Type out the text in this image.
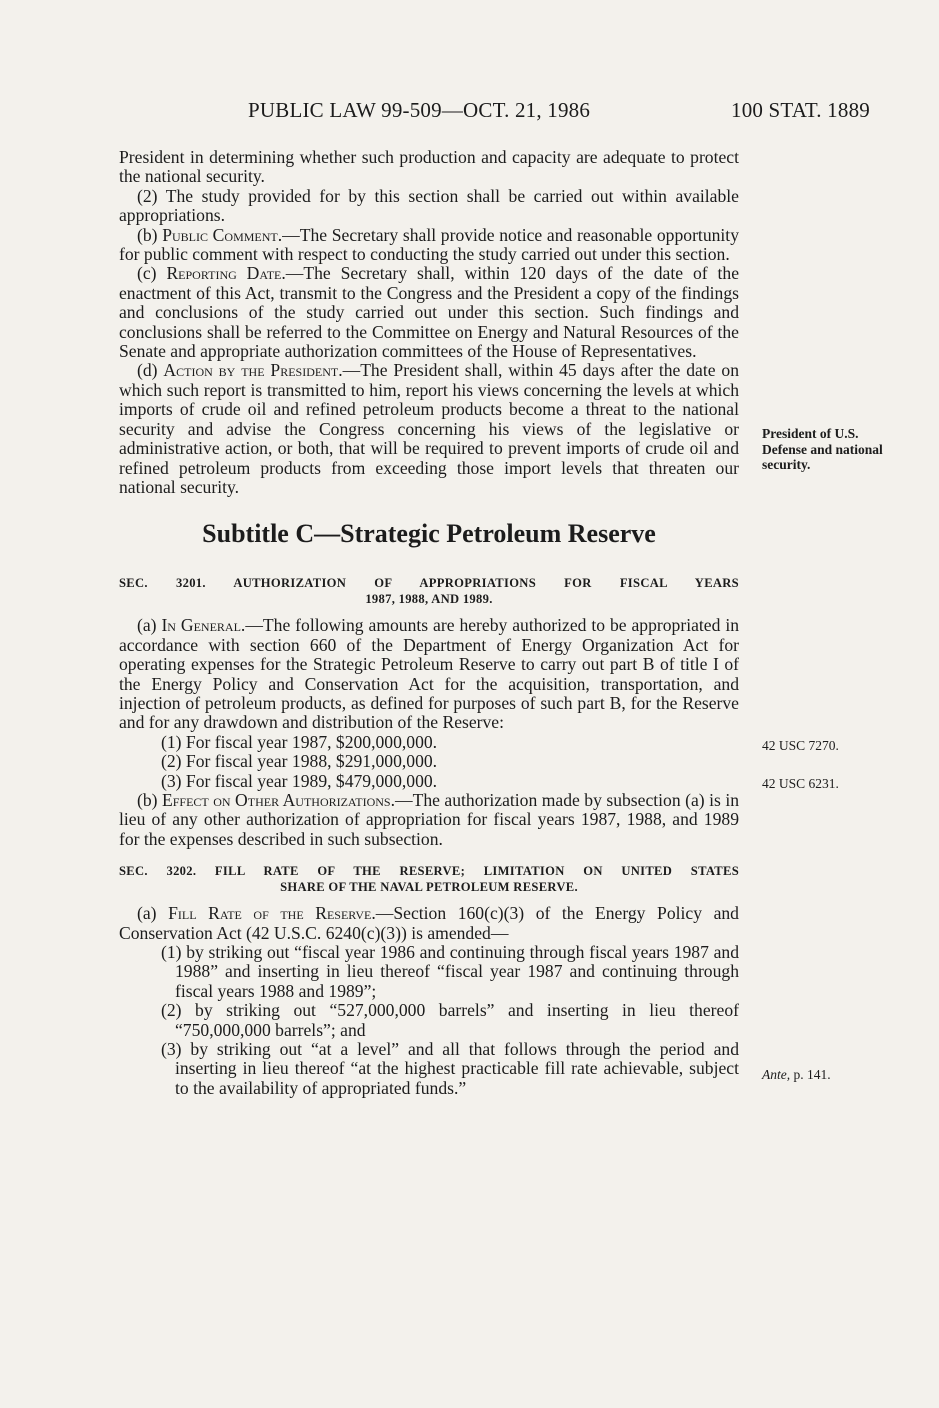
PUBLIC LAW 99-509—OCT. 21, 1986	100 STAT. 1889

President in determining whether such production and capacity are adequate to protect the national security.

(2) The study provided for by this section shall be carried out within available appropriations.

(b) Public Comment.—The Secretary shall provide notice and reasonable opportunity for public comment with respect to conducting the study carried out under this section.

(c) Reporting Date.—The Secretary shall, within 120 days of the date of the enactment of this Act, transmit to the Congress and the President a copy of the findings and conclusions of the study carried out under this section. Such findings and conclusions shall be referred to the Committee on Energy and Natural Resources of the Senate and appropriate authorization committees of the House of Representatives.

(d) Action by the President.—The President shall, within 45 days after the date on which such report is transmitted to him, report his views concerning the levels at which imports of crude oil and refined petroleum products become a threat to the national security and advise the Congress concerning his views of the legislative or administrative action, or both, that will be required to prevent imports of crude oil and refined petroleum products from exceeding those import levels that threaten our national security.

Subtitle C—Strategic Petroleum Reserve
SEC. 3201. AUTHORIZATION OF APPROPRIATIONS FOR FISCAL YEARS
1987, 1988, AND 1989.

(a) In General.—The following amounts are hereby authorized to be appropriated in accordance with section 660 of the Department of Energy Organization Act for operating expenses for the Strategic Petroleum Reserve to carry out part B of title I of the Energy Policy and Conservation Act for the acquisition, transportation, and injection of petroleum products, as defined for purposes of such part B, for the Reserve and for any drawdown and distribution of the Reserve:

(1) For fiscal year 1987, $200,000,000.

(2) For fiscal year 1988, $291,000,000.

(3) For fiscal year 1989, $479,000,000.

(b) Effect on Other Authorizations.—The authorization made by subsection (a) is in lieu of any other authorization of appropriation for fiscal years 1987, 1988, and 1989 for the expenses described in such subsection.

SEC. 3202. FILL RATE OF THE RESERVE; LIMITATION ON UNITED STATES
SHARE OF THE NAVAL PETROLEUM RESERVE.

(a) Fill Rate of the Reserve.—Section 160(c)(3) of the Energy Policy and Conservation Act (42 U.S.C. 6240(c)(3)) is amended—

(1) by striking out “fiscal year 1986 and continuing through fiscal years 1987 and 1988” and inserting in lieu thereof “fiscal year 1987 and continuing through fiscal years 1988 and 1989”;

(2) by striking out “527,000,000 barrels” and inserting in lieu thereof “750,000,000 barrels”; and

(3) by striking out “at a level” and all that follows through the period and inserting in lieu thereof “at the highest practicable fill rate achievable, subject to the availability of appropriated funds.”

President of U.S. Defense and national security.
42 USC 7270.
42 USC 6231.
Ante, p. 141.
